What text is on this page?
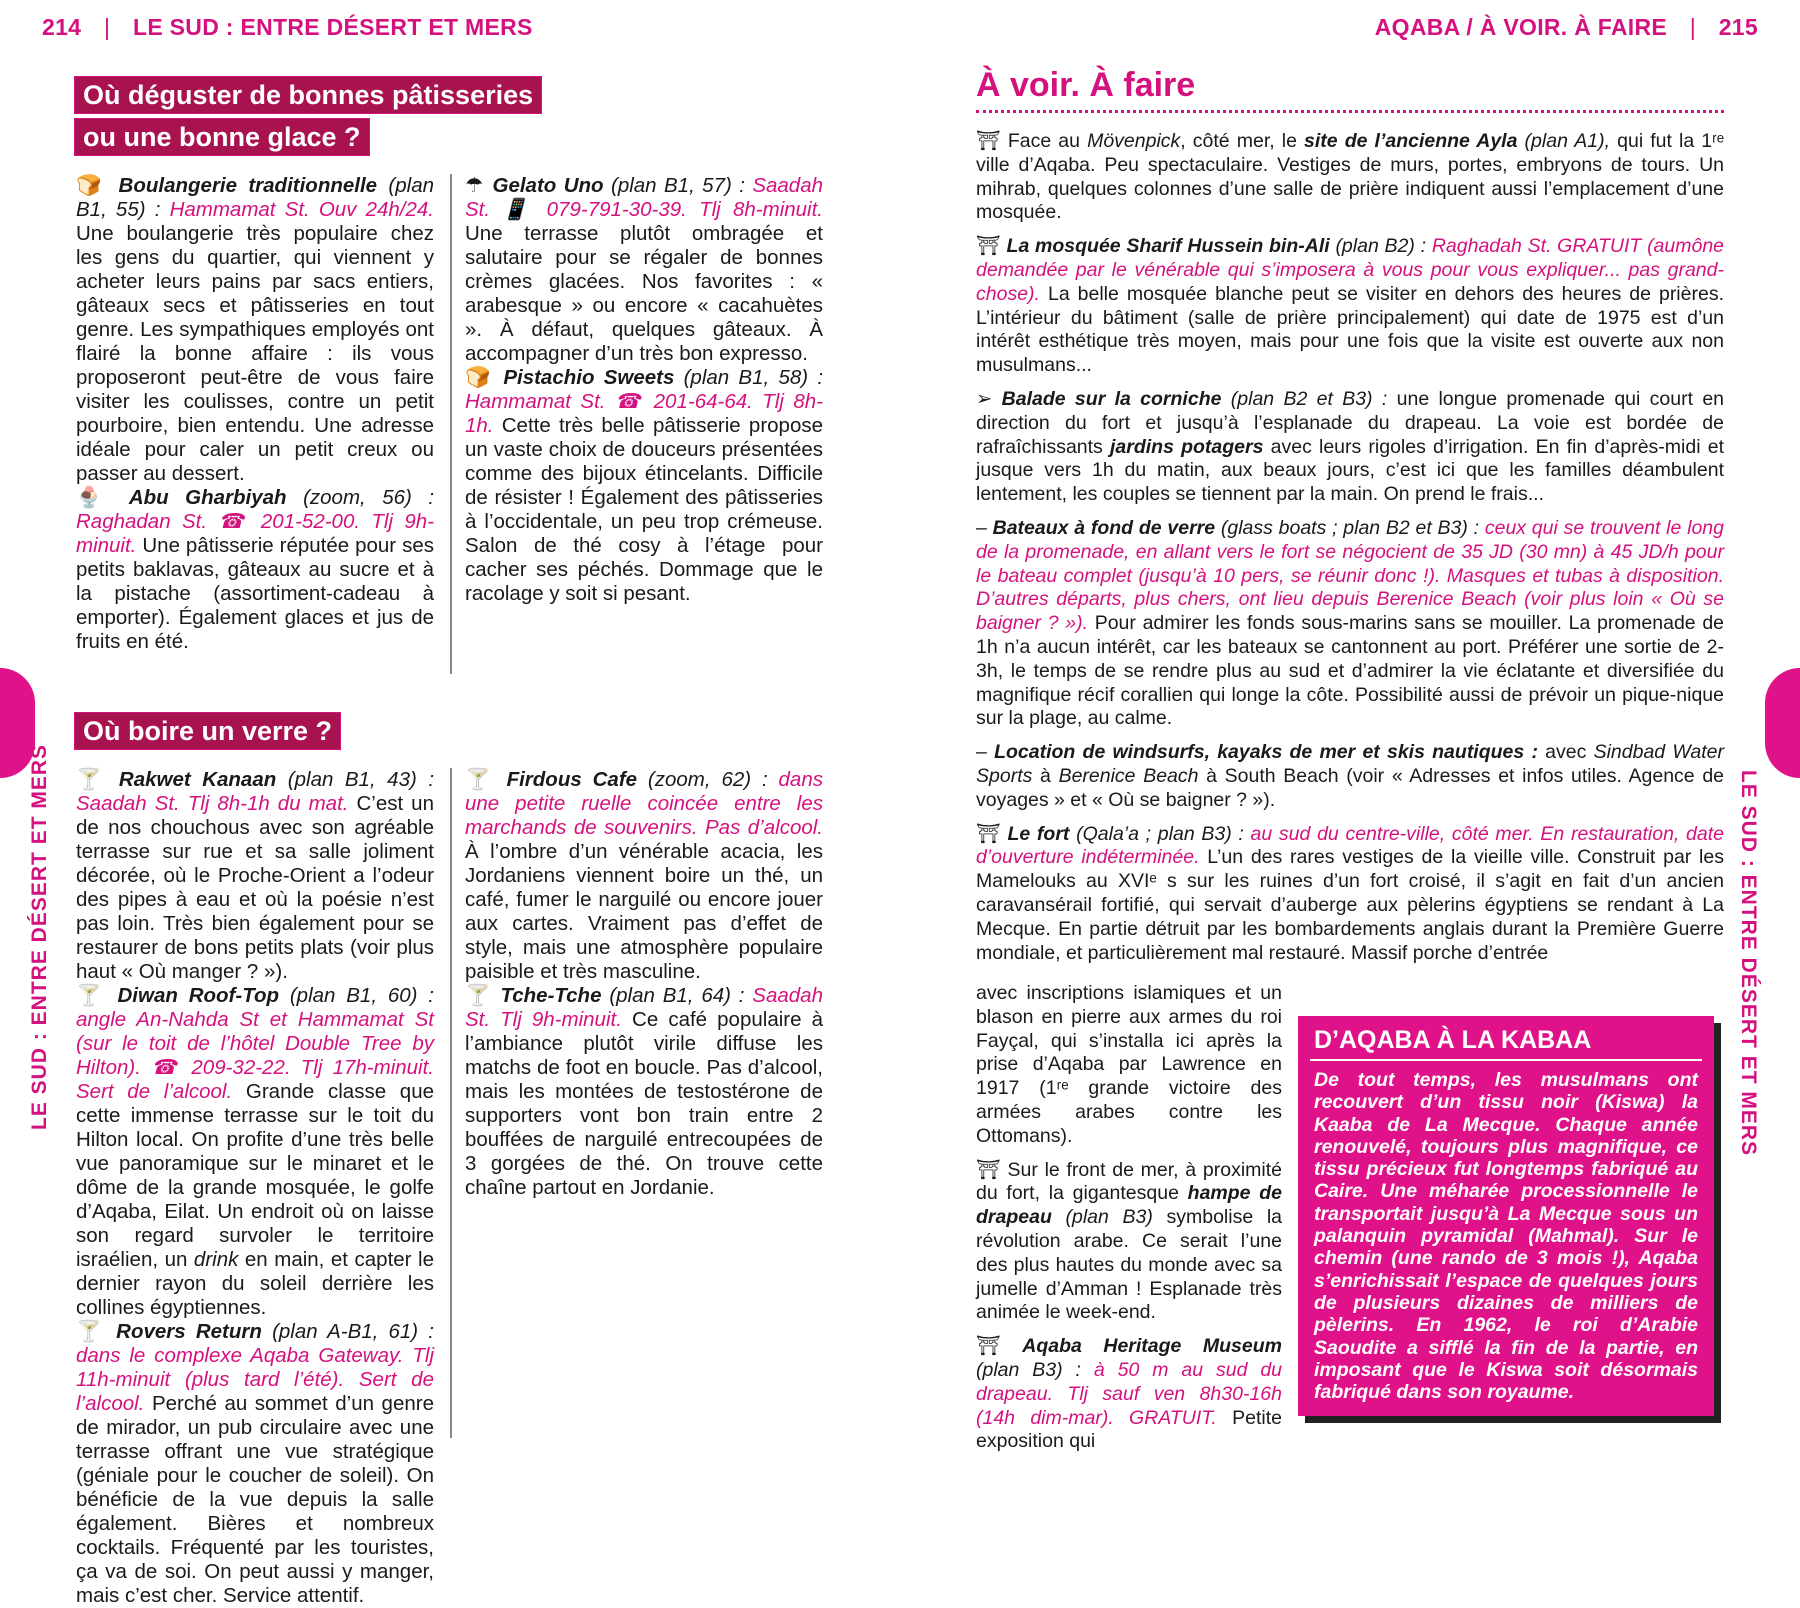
214 | LE SUD : ENTRE DÉSERT ET MERS	AQABA / À VOIR. À FAIRE | 215
LE SUD : ENTRE DÉSERT ET MERS	LE SUD : ENTRE DÉSERT ET MERS
Où déguster de bonnes pâtisseries
ou une bonne glace ?

🍞 Boulangerie traditionnelle (plan B1, 55) : Hammamat St. Ouv 24h/24. Une boulangerie très populaire chez les gens du quartier, qui viennent y acheter leurs pains par sacs entiers, gâteaux secs et pâtisseries en tout genre. Les sympathiques employés ont flairé la bonne affaire : ils vous proposeront peut-être de vous faire visiter les coulisses, contre un petit pourboire, bien entendu. Une adresse idéale pour caler un petit creux ou passer au dessert.

🍨 Abu Gharbiyah (zoom, 56) : Raghadan St. ☎ 201-52-00. Tlj 9h-minuit. Une pâtisserie réputée pour ses petits baklavas, gâteaux au sucre et à la pistache (assortiment-cadeau à emporter). Également glaces et jus de fruits en été.

☂ Gelato Uno (plan B1, 57) : Saadah St. 📱 079-791-30-39. Tlj 8h-minuit. Une terrasse plutôt ombragée et salutaire pour se régaler de bonnes crèmes glacées. Nos favorites : « arabesque » ou encore « cacahuètes ». À défaut, quelques gâteaux. À accompagner d’un très bon expresso.

🍞 Pistachio Sweets (plan B1, 58) : Hammamat St. ☎ 201-64-64. Tlj 8h-1h. Cette très belle pâtisserie propose un vaste choix de douceurs présentées comme des bijoux étincelants. Difficile de résister ! Également des pâtisseries à l’occidentale, un peu trop crémeuse. Salon de thé cosy à l’étage pour cacher ses péchés. Dommage que le racolage y soit si pesant.

Où boire un verre ?

🍸 Rakwet Kanaan (plan B1, 43) : Saadah St. Tlj 8h-1h du mat. C’est un de nos chouchous avec son agréable terrasse sur rue et sa salle joliment décorée, où le Proche-Orient a l’odeur des pipes à eau et où la poésie n’est pas loin. Très bien également pour se restaurer de bons petits plats (voir plus haut « Où manger ? »).

🍸 Diwan Roof-Top (plan B1, 60) : angle An-Nahda St et Hammamat St (sur le toit de l’hôtel Double Tree by Hilton). ☎ 209-32-22. Tlj 17h-minuit. Sert de l’alcool. Grande classe que cette immense terrasse sur le toit du Hilton local. On profite d’une très belle vue panoramique sur le minaret et le dôme de la grande mosquée, le golfe d’Aqaba, Eilat. Un endroit où on laisse son regard survoler le territoire israélien, un drink en main, et capter le dernier rayon du soleil derrière les collines égyptiennes.

🍸 Rovers Return (plan A-B1, 61) : dans le complexe Aqaba Gateway. Tlj 11h-minuit (plus tard l’été). Sert de l’alcool. Perché au sommet d’un genre de mirador, un pub circulaire avec une terrasse offrant une vue stratégique (géniale pour le coucher de soleil). On bénéficie de la vue depuis la salle également. Bières et nombreux cocktails. Fréquenté par les touristes, ça va de soi. On peut aussi y manger, mais c’est cher. Service attentif.

🍸 Firdous Cafe (zoom, 62) : dans une petite ruelle coincée entre les marchands de souvenirs. Pas d’alcool. À l’ombre d’un vénérable acacia, les Jordaniens viennent boire un thé, un café, fumer le narguilé ou encore jouer aux cartes. Vraiment pas d’effet de style, mais une atmosphère populaire paisible et très masculine.

🍸 Tche-Tche (plan B1, 64) : Saadah St. Tlj 9h-minuit. Ce café populaire à l’ambiance plutôt virile diffuse les matchs de foot en boucle. Pas d’alcool, mais les montées de testostérone de supporters vont bon train entre 2 bouffées de narguilé entrecoupées de 3 gorgées de thé. On trouve cette chaîne partout en Jordanie.

À voir. À faire

⛩ Face au Mövenpick, côté mer, le site de l’ancienne Ayla (plan A1), qui fut la 1ʳᵉ ville d’Aqaba. Peu spectaculaire. Vestiges de murs, portes, embryons de tours. Un mihrab, quelques colonnes d’une salle de prière indiquent aussi l’emplacement d’une mosquée.

⛩ La mosquée Sharif Hussein bin-Ali (plan B2) : Raghadah St. GRATUIT (aumône demandée par le vénérable qui s’imposera à vous pour vous expliquer... pas grand-chose). La belle mosquée blanche peut se visiter en dehors des heures de prières. L’intérieur du bâtiment (salle de prière principalement) qui date de 1975 est d’un intérêt esthétique très moyen, mais pour une fois que la visite est ouverte aux non musulmans...

➢ Balade sur la corniche (plan B2 et B3) : une longue promenade qui court en direction du fort et jusqu’à l’esplanade du drapeau. La voie est bordée de rafraîchissants jardins potagers avec leurs rigoles d’irrigation. En fin d’après-midi et jusque vers 1h du matin, aux beaux jours, c’est ici que les familles déambulent lentement, les couples se tiennent par la main. On prend le frais...

– Bateaux à fond de verre (glass boats ; plan B2 et B3) : ceux qui se trouvent le long de la promenade, en allant vers le fort se négocient de 35 JD (30 mn) à 45 JD/h pour le bateau complet (jusqu’à 10 pers, se réunir donc !). Masques et tubas à disposition. D’autres départs, plus chers, ont lieu depuis Berenice Beach (voir plus loin « Où se baigner ? »). Pour admirer les fonds sous-marins sans se mouiller. La promenade de 1h n’a aucun intérêt, car les bateaux se cantonnent au port. Préférer une sortie de 2-3h, le temps de se rendre plus au sud et d’admirer la vie éclatante et diversifiée du magnifique récif corallien qui longe la côte. Possibilité aussi de prévoir un pique-nique sur la plage, au calme.

– Location de windsurfs, kayaks de mer et skis nautiques : avec Sindbad Water Sports à Berenice Beach à South Beach (voir « Adresses et infos utiles. Agence de voyages » et « Où se baigner ? »).

⛩ Le fort (Qala’a ; plan B3) : au sud du centre-ville, côté mer. En restauration, date d’ouverture indéterminée. L’un des rares vestiges de la vieille ville. Construit par les Mamelouks au XVIᵉ s sur les ruines d’un fort croisé, il s’agit en fait d’un ancien caravansérail fortifié, qui servait d’auberge aux pèlerins égyptiens se rendant à La Mecque. En partie détruit par les bombardements anglais durant la Première Guerre mondiale, et particulièrement mal restauré. Massif porche d’entrée

avec inscriptions islamiques et un blason en pierre aux armes du roi Fayçal, qui s’installa ici après la prise d’Aqaba par Lawrence en 1917 (1ʳᵉ grande victoire des armées arabes contre les Ottomans).

⛩ Sur le front de mer, à proximité du fort, la gigantesque hampe de drapeau (plan B3) symbolise la révolution arabe. Ce serait l’une des plus hautes du monde avec sa jumelle d’Amman ! Esplanade très animée le week-end.

⛩ Aqaba Heritage Museum (plan B3) : à 50 m au sud du drapeau. Tlj sauf ven 8h30-16h (14h dim-mar). GRATUIT. Petite exposition qui

D’AQABA À LA KABAA
De tout temps, les musulmans ont recouvert d’un tissu noir (Kiswa) la Kaaba de La Mecque. Chaque année renouvelé, toujours plus magnifique, ce tissu précieux fut longtemps fabriqué au Caire. Une méharée processionnelle le transportait jusqu’à La Mecque sous un palanquin pyramidal (Mahmal). Sur le chemin (une rando de 3 mois !), Aqaba s’enrichissait l’espace de quelques jours de plusieurs dizaines de milliers de pèlerins. En 1962, le roi d’Arabie Saoudite a sifflé la fin de la partie, en imposant que le Kiswa soit désormais fabriqué dans son royaume.
